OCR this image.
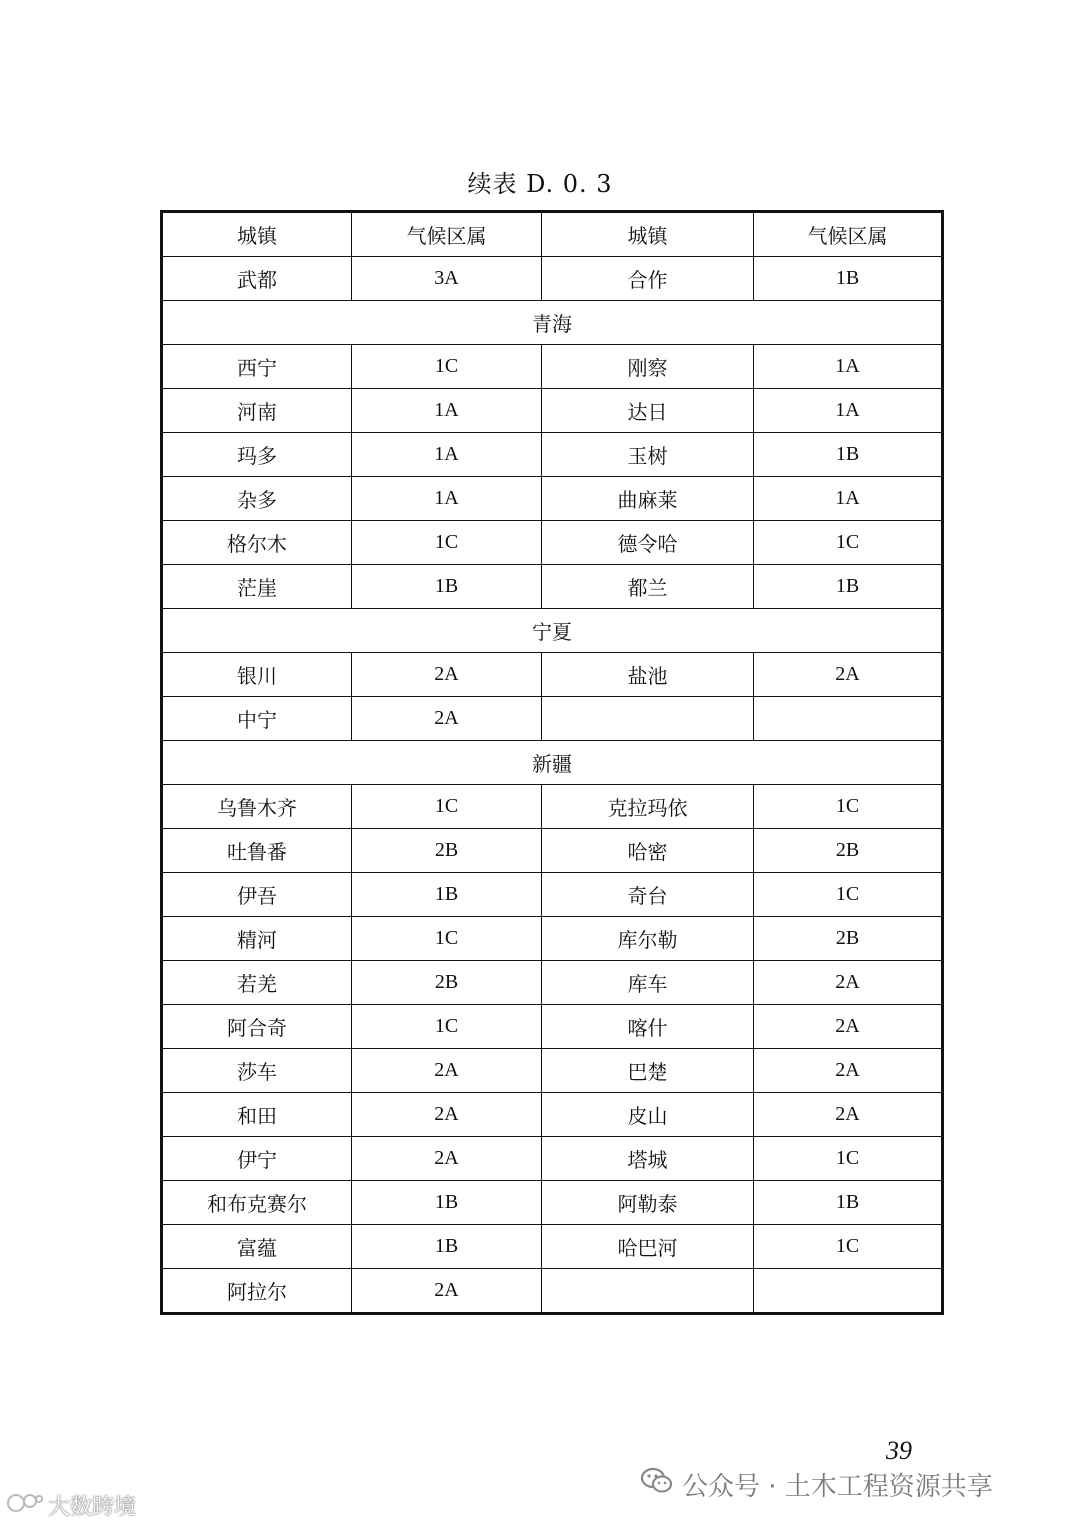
续表 D. 0. 3
城镇	气候区属	城镇	气候区属
武都	3A	合作	1B
青海			
西宁	1C	刚察	1A
河南	1A	达日	1A
玛多	1A	玉树	1B
杂多	1A	曲麻莱	1A
格尔木	1C	德令哈	1C
茫崖	1B	都兰	1B
宁夏			
银川	2A	盐池	2A
中宁	2A		
新疆			
乌鲁木齐	1C	克拉玛依	1C
吐鲁番	2B	哈密	2B
伊吾	1B	奇台	1C
精河	1C	库尔勒	2B
若羌	2B	库车	2A
阿合奇	1C	喀什	2A
莎车	2A	巴楚	2A
和田	2A	皮山	2A
伊宁	2A	塔城	1C
和布克赛尔	1B	阿勒泰	1B
富蕴	1B	哈巴河	1C
阿拉尔	2A		
39
公众号 · 土木工程资源共享
大数跨境
